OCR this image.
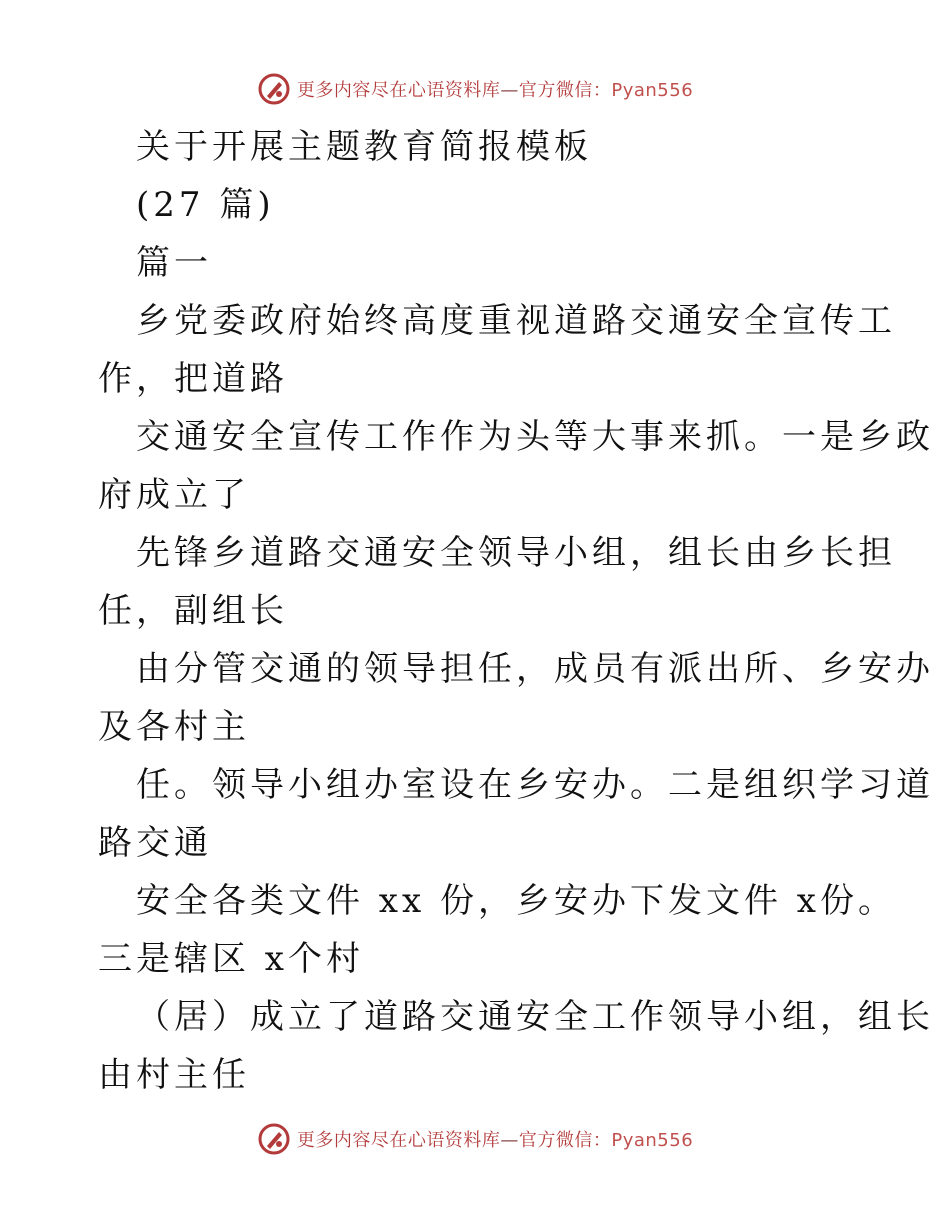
更多内容尽在心语资料库—官方微信：Pyan556
关于开展主题教育简报模板
(27 篇)
篇一
乡党委政府始终高度重视道路交通安全宣传工
作，把道路
交通安全宣传工作作为头等大事来抓。一是乡政
府成立了
先锋乡道路交通安全领导小组，组长由乡长担
任，副组长
由分管交通的领导担任，成员有派出所、乡安办
及各村主
任。领导小组办室设在乡安办。二是组织学习道
路交通
安全各类文件 xx 份，乡安办下发文件 x份。
三是辖区 x个村
（居）成立了道路交通安全工作领导小组，组长
由村主任
更多内容尽在心语资料库—官方微信：Pyan556
